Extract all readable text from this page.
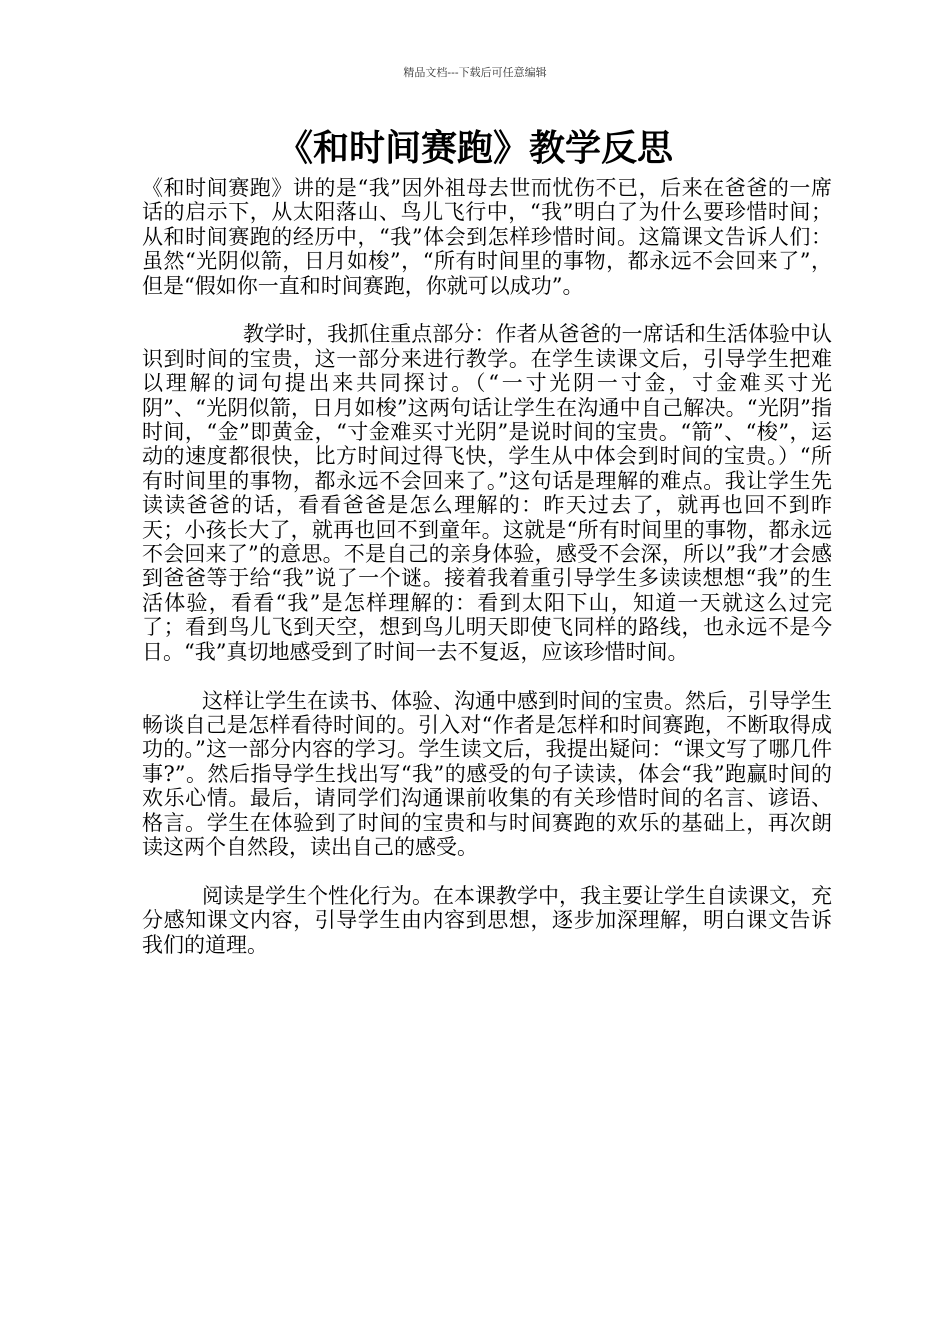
精品文档---下载后可任意编辑
《和时间赛跑》教学反思

《和时间赛跑》讲的是“我”因外祖母去世而忧伤不已，后来在爸爸的一席话的启示下，从太阳落山、鸟儿飞行中，“我”明白了为什么要珍惜时间；从和时间赛跑的经历中，“我”体会到怎样珍惜时间。这篇课文告诉人们：虽然“光阴似箭，日月如梭”，“所有时间里的事物，都永远不会回来了”，但是“假如你一直和时间赛跑，你就可以成功”。

教学时，我抓住重点部分：作者从爸爸的一席话和生活体验中认识到时间的宝贵，这一部分来进行教学。在学生读课文后，引导学生把难以理解的词句提出来共同探讨。（“一寸光阴一寸金，寸金难买寸光阴”、“光阴似箭，日月如梭”这两句话让学生在沟通中自己解决。“光阴”指时间，“金”即黄金，“寸金难买寸光阴”是说时间的宝贵。“箭”、“梭”，运动的速度都很快，比方时间过得飞快，学生从中体会到时间的宝贵。）“所有时间里的事物，都永远不会回来了。”这句话是理解的难点。我让学生先读读爸爸的话，看看爸爸是怎么理解的：昨天过去了，就再也回不到昨天；小孩长大了，就再也回不到童年。这就是“所有时间里的事物，都永远不会回来了”的意思。不是自己的亲身体验，感受不会深，所以”我”才会感到爸爸等于给“我”说了一个谜。接着我着重引导学生多读读想想“我”的生活体验，看看“我”是怎样理解的：看到太阳下山，知道一天就这么过完了；看到鸟儿飞到天空，想到鸟儿明天即使飞同样的路线，也永远不是今日。“我”真切地感受到了时间一去不复返，应该珍惜时间。

这样让学生在读书、体验、沟通中感到时间的宝贵。然后，引导学生畅谈自己是怎样看待时间的。引入对“作者是怎样和时间赛跑，不断取得成功的。”这一部分内容的学习。学生读文后，我提出疑问：“课文写了哪几件事?”。然后指导学生找出写“我”的感受的句子读读，体会“我”跑赢时间的欢乐心情。最后，请同学们沟通课前收集的有关珍惜时间的名言、谚语、格言。学生在体验到了时间的宝贵和与时间赛跑的欢乐的基础上，再次朗读这两个自然段，读出自己的感受。

阅读是学生个性化行为。在本课教学中，我主要让学生自读课文，充分感知课文内容，引导学生由内容到思想，逐步加深理解，明白课文告诉我们的道理。
